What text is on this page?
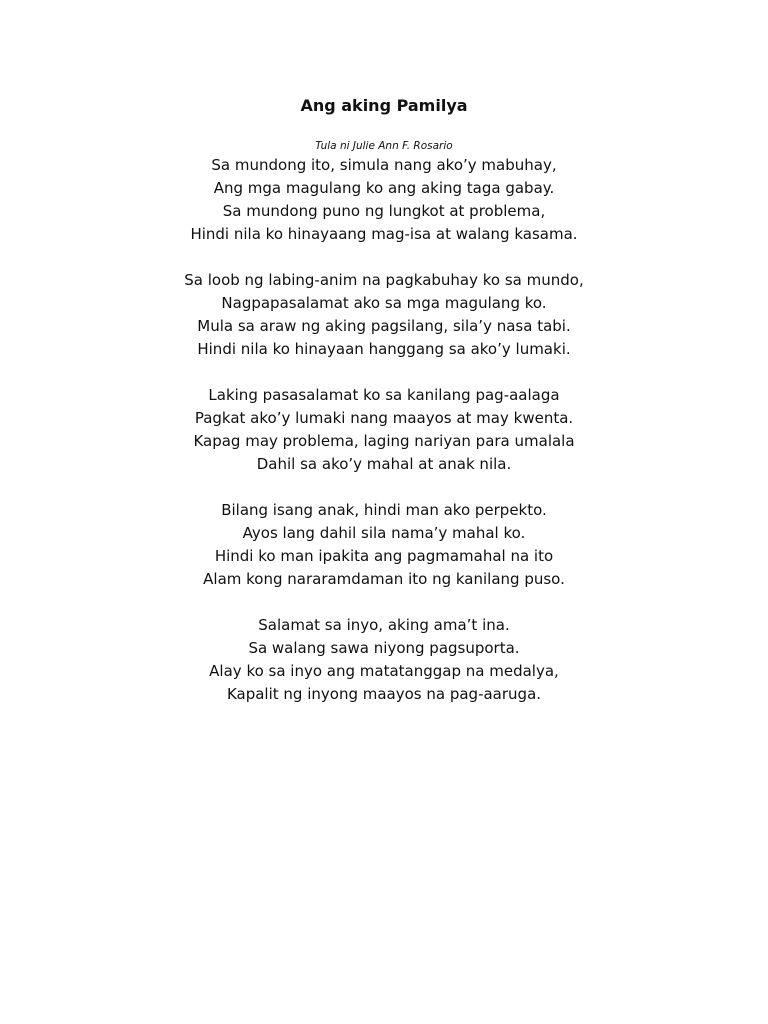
Ang aking Pamilya
Tula ni Julie Ann F. Rosario
Sa mundong ito, simula nang ako’y mabuhay,
Ang mga magulang ko ang aking taga gabay.
Sa mundong puno ng lungkot at problema,
Hindi nila ko hinayaang mag-isa at walang kasama.
Sa loob ng labing-anim na pagkabuhay ko sa mundo,
Nagpapasalamat ako sa mga magulang ko.
Mula sa araw ng aking pagsilang, sila’y nasa tabi.
Hindi nila ko hinayaan hanggang sa ako’y lumaki.
Laking pasasalamat ko sa kanilang pag-aalaga
Pagkat ako’y lumaki nang maayos at may kwenta.
Kapag may problema, laging nariyan para umalala
Dahil sa ako’y mahal at anak nila.
Bilang isang anak, hindi man ako perpekto.
Ayos lang dahil sila nama’y mahal ko.
Hindi ko man ipakita ang pagmamahal na ito
Alam kong nararamdaman ito ng kanilang puso.
Salamat sa inyo, aking ama’t ina.
Sa walang sawa niyong pagsuporta.
Alay ko sa inyo ang matatanggap na medalya,
Kapalit ng inyong maayos na pag-aaruga.
